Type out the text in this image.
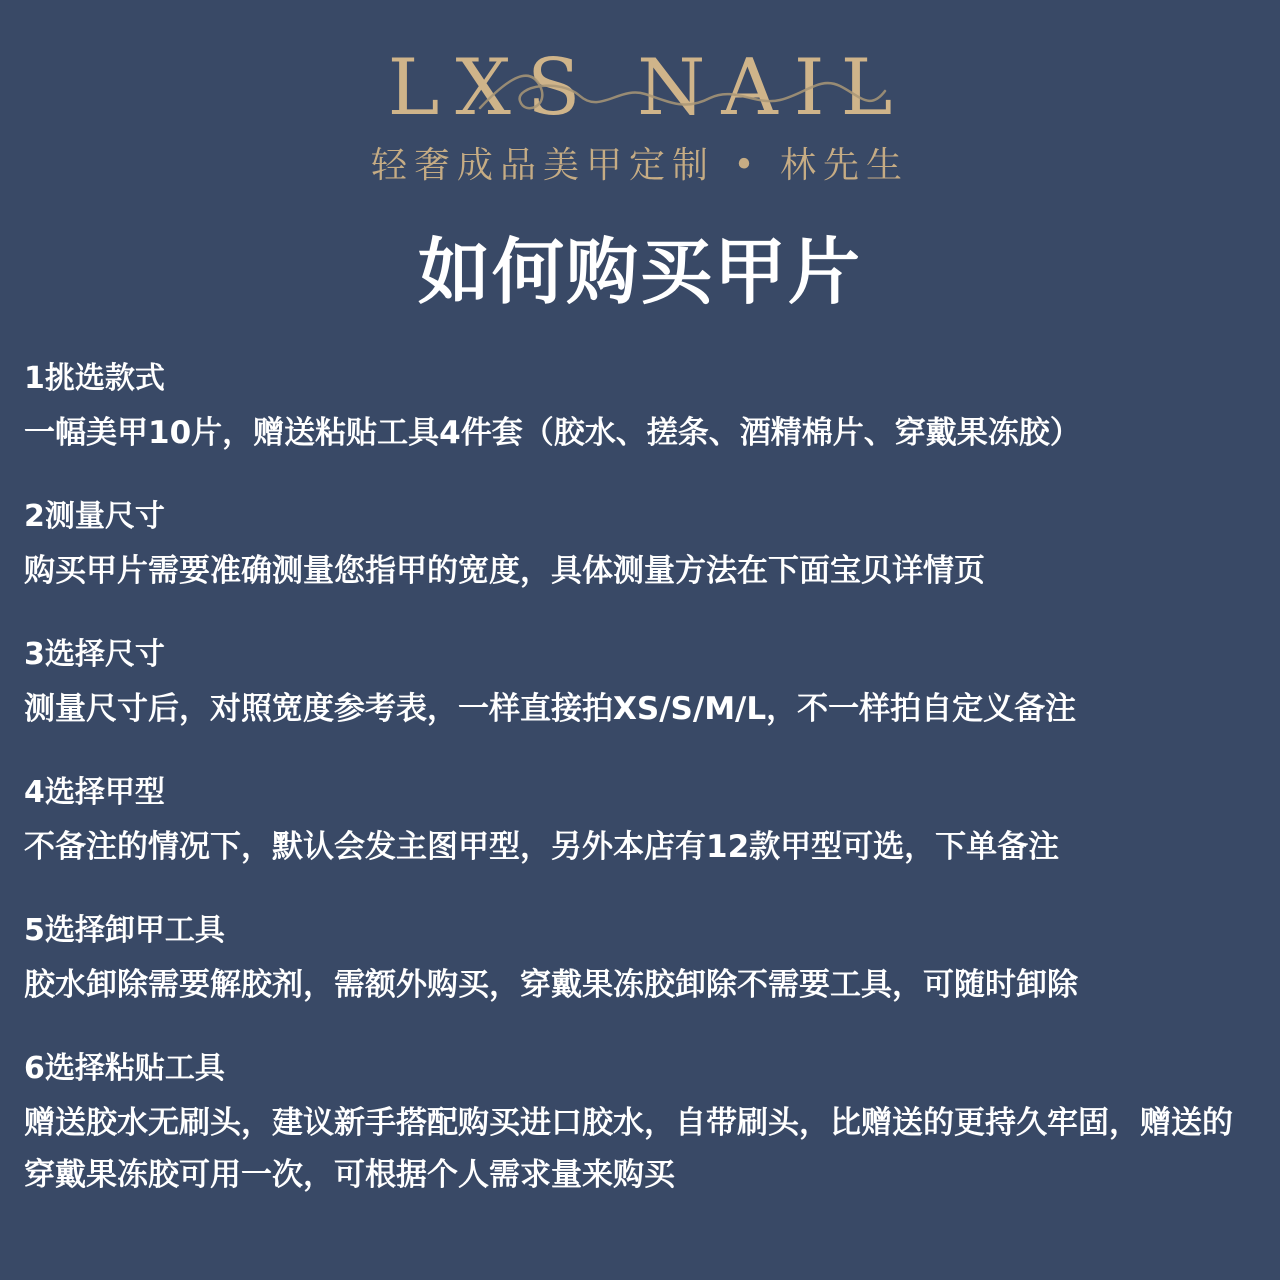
LXS NAIL
轻奢成品美甲定制 • 林先生
如何购买甲片
1挑选款式
一幅美甲10片，赠送粘贴工具4件套（胶水、搓条、酒精棉片、穿戴果冻胶）
2测量尺寸
购买甲片需要准确测量您指甲的宽度，具体测量方法在下面宝贝详情页
3选择尺寸
测量尺寸后，对照宽度参考表，一样直接拍XS/S/M/L，不一样拍自定义备注
4选择甲型
不备注的情况下，默认会发主图甲型，另外本店有12款甲型可选，下单备注
5选择卸甲工具
胶水卸除需要解胶剂，需额外购买，穿戴果冻胶卸除不需要工具，可随时卸除
6选择粘贴工具
赠送胶水无刷头，建议新手搭配购买进口胶水，自带刷头，比赠送的更持久牢固，赠送的穿戴果冻胶可用一次，可根据个人需求量来购买
